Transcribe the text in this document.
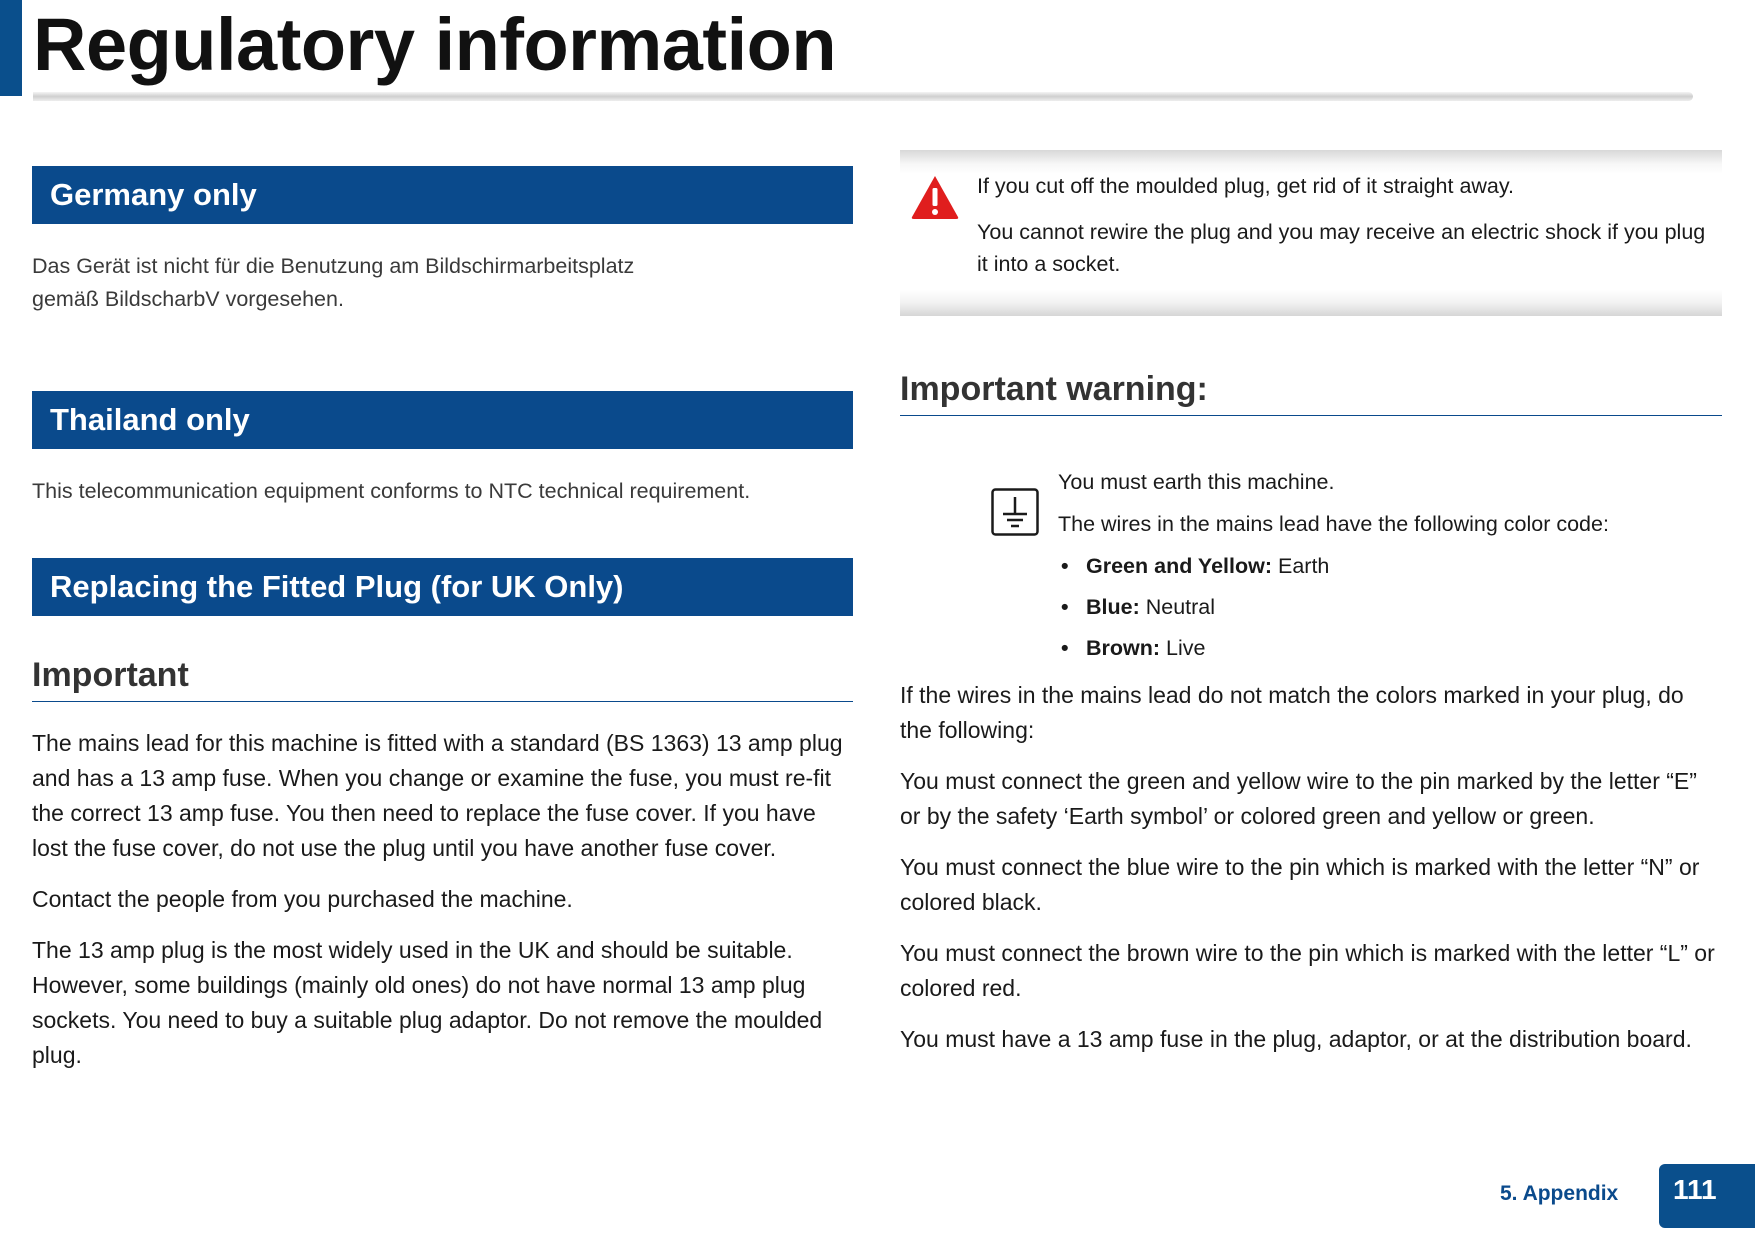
Regulatory information
Germany only
Das Gerät ist nicht für die Benutzung am Bildschirmarbeitsplatz
gemäß BildscharbV vorgesehen.
Thailand only
This telecommunication equipment conforms to NTC technical requirement.
Replacing the Fitted Plug (for UK Only)
Important

The mains lead for this machine is fitted with a standard (BS 1363) 13 amp plug and has a 13 amp fuse. When you change or examine the fuse, you must re-fit the correct 13 amp fuse. You then need to replace the fuse cover. If you have lost the fuse cover, do not use the plug until you have another fuse cover.

Contact the people from you purchased the machine.

The 13 amp plug is the most widely used in the UK and should be suitable. However, some buildings (mainly old ones) do not have normal 13 amp plug sockets. You need to buy a suitable plug adaptor. Do not remove the moulded plug.

If you cut off the moulded plug, get rid of it straight away.

You cannot rewire the plug and you may receive an electric shock if you plug it into a socket.

Important warning:

You must earth this machine.

The wires in the mains lead have the following color code:

• Green and Yellow: Earth
• Blue: Neutral
• Brown: Live

If the wires in the mains lead do not match the colors marked in your plug, do the following:

You must connect the green and yellow wire to the pin marked by the letter “E” or by the safety ‘Earth symbol’ or colored green and yellow or green.

You must connect the blue wire to the pin which is marked with the letter “N” or colored black.

You must connect the brown wire to the pin which is marked with the letter “L” or colored red.

You must have a 13 amp fuse in the plug, adaptor, or at the distribution board.

5. Appendix	111
